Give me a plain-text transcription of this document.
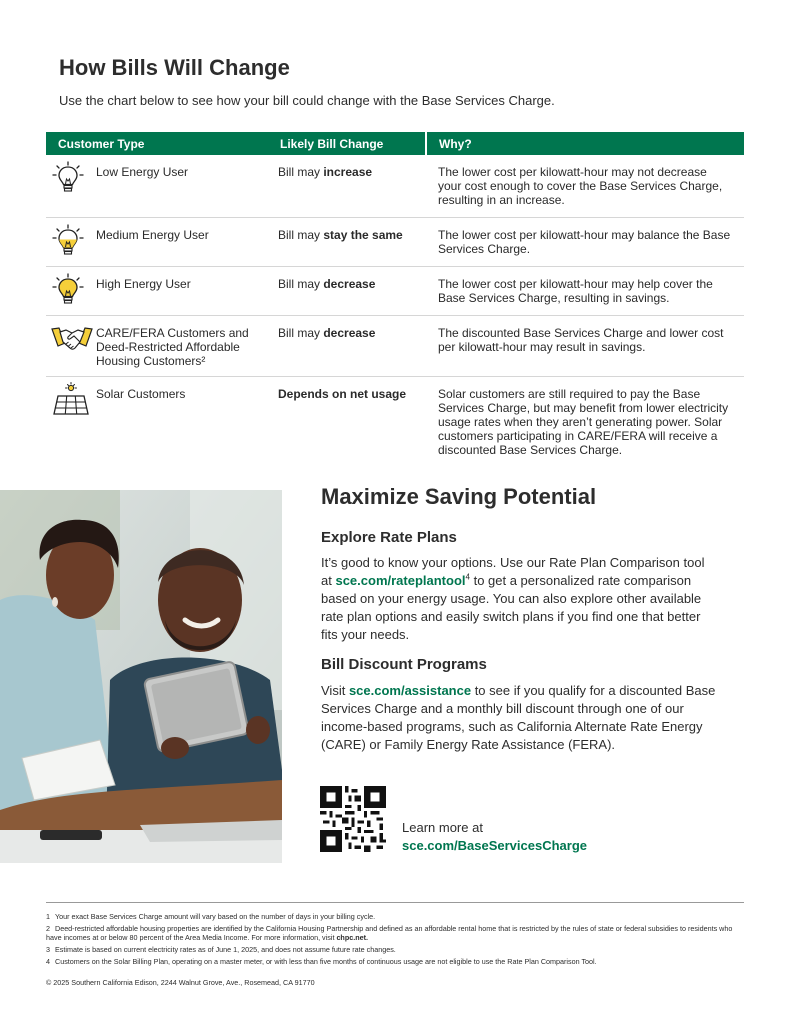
How Bills Will Change

Use the chart below to see how your bill could change with the Base Services Charge.

Customer Type	Likely Bill Change	Why?

Low Energy User	Bill may increase	The lower cost per kilowatt-hour may not decrease your cost enough to cover the Base Services Charge, resulting in an increase.

Medium Energy User	Bill may stay the same	The lower cost per kilowatt-hour may balance the Base Services Charge.

High Energy User	Bill may decrease	The lower cost per kilowatt-hour may help cover the Base Services Charge, resulting in savings.

CARE/FERA Customers and Deed-Restricted Affordable Housing Customers²	Bill may decrease	The discounted Base Services Charge and lower cost per kilowatt-hour may result in savings.

Solar Customers	Depends on net usage	Solar customers are still required to pay the Base Services Charge, but may benefit from lower electricity usage rates when they aren’t generating power. Solar customers participating in CARE/FERA will receive a discounted Base Services Charge.
Maximize Saving Potential
Explore Rate Plans

It’s good to know your options. Use our Rate Plan Comparison tool at sce.com/rateplantool$^4$ to get a personalized rate comparison based on your energy usage. You can also explore other available rate plan options and easily switch plans if you find one that better fits your needs.

Bill Discount Programs

Visit sce.com/assistance to see if you qualify for a discounted Base Services Charge and a monthly bill discount through one of our income-based programs, such as California Alternate Rate Energy (CARE) or Family Energy Rate Assistance (FERA).

Learn more at
sce.com/BaseServicesCharge

1 Your exact Base Services Charge amount will vary based on the number of days in your billing cycle.

2 Deed-restricted affordable housing properties are identified by the California Housing Partnership and defined as an affordable rental home that is restricted by the rules of state or federal subsidies to residents who have incomes at or below 80 percent of the Area Media Income. For more information, visit chpc.net.

3 Estimate is based on current electricity rates as of June 1, 2025, and does not assume future rate changes.

4 Customers on the Solar Billing Plan, operating on a master meter, or with less than five months of continuous usage are not eligible to use the Rate Plan Comparison Tool.

© 2025 Southern California Edison, 2244 Walnut Grove, Ave., Rosemead, CA 91770
